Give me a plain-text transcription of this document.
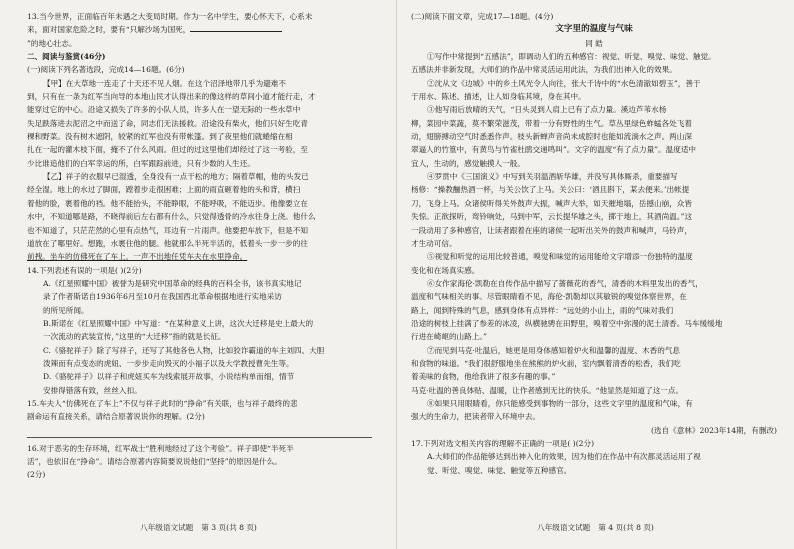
13.当今世界，正面临百年未遇之大变局时期。作为一名中学生，要心怀天下，心系未
来，面对国家危险之时，要有“只解沙场为国死，
”的地心壮志。
二、阅读与鉴赏(46分)
(一)阅读下列名著选段，完成14—16题。(6分)
【甲】在大草地一连走了十天还不见人烟。在这个沼泽地带几乎为避难不
到，只有在一条为红军当向导的本地山民才认得出来的像这样的草间小道才能行走，才
能穿过它的中心。沿途又损失了许多的小队人员，许多人在一望无际的一些水草中
失足跌落进去泥沼之中而送了命，同志们无法援救。沿途没有柴火，他们只好生吃青
稞和野菜。没有树木遮阴，较紧的红军也没有带帐篷。到了夜里他们就蜷缩在相
扎在一起的灌木枝下面，掩不了什么风雨。但过的过这里他们却经过了这一考验，至
少比谁追他们的白军幸运的所，白军跟踪前进，只有少数的人生还。
【乙】祥子的衣服早已湿透，全身没有一点干松的地方；隔着草帽，他的头发已
经全湿。地上的水过了脚面，蹚着步走很困难；上面的雨直砸着他的头和背，横扫
着他的脸，裹着他的裆。他不能抬头，不能睁眼，不能呼吸，不能迈步。他像要立在
水中，不知道哪是路，不晓得前后左右都有什么，只觉得透骨的冷水往身上浇。他什么
也不知道了，只茫茫然的心里有点热气，耳边有一片雨声。他要把车放下，但是不知
道放在了哪里好。想跑，水裹住他的腿。他就那么半死半活的，低着头一步一步的往
前拽。坐车的仿佛死在了车上，一声不出地任凭车夫在水里挣命。
14.下列表述有误的一项是( )(2分)
A.《红星照耀中国》被誉为是研究中国革命的经典的百科全书，该书真实地记
录了作者斯诺自1936年6月至10月在我国西北革命根据地进行实地采访
的所见所闻。
B.斯诺在《红星照耀中国》中写道：“在某种意义上讲，这次大迁移是史上最大的
一次流动的武装宣传，”这里的“大迁移”指的就是长征。
C.《骆驼祥子》除了写祥子，还写了其他各色人物，比如狡诈霸道的车主刘四、大胆
泼辣而有点变态的虎妞、一步步走向毁灭的小福子以及大学教授曹先生等。
D.《骆驼祥子》以祥子和虎妞买车为线索展开故事，小说结构单而细，情节
安排得错落有致，丝丝入扣。
15.车夫人“仿佛死在了车上”不仅与祥子此时的“挣命”有关联，也与祥子最终的悲
剧命运有直接关系，请结合原著说说你的理解。(2分)
16.对于恶劣的生存环境，红军战士“胜利地经过了这个考验”。祥子即使“半死半
活”，也依旧在“挣命”。请结合原著内容简要说说他们“坚持”的原因是什么。
(2分)
八年级语文试题 第 3 页(共 8 页)
(二)阅读下面文章，完成17—18题。(4分)
文字里的温度与气味
同 皓
①写作中常提到“五感法”，即调动人们的五种感官：视觉、听觉、嗅觉、味觉、触觉。
五感法并非新发现，大师们的作品中常灵活运用此法，为我们出神入化的效果。
②沈从文《边城》中的乡土风光令人向往，张大千诗中的“水色清澈如碧玉”，善于
于用水、陈述、描述，让人如身临其境，身在其中。
③他写雨后放晴的天气，“日头灵到人肩上已有了点力量。溪边芦苇水杨
柳，菜园中菜蔬，莫不繁荣滋茂，带着一分有野性的生气。草丛里绿色蚱蜢各处飞着
动，翅膀搏动空气时悉悉作声。枝头新蝉声音尚未成腔时也能如流淌水之声。两山深
翠逼人的竹篁中，有黄鸟与竹雀杜鹃交递鸣叫”。文字的温度“有了点力量”。温度适中
宜人，生动的，感觉触摸人一般。
④罗贯中《三国演义》中写到关羽温酒斩华雄，并没写具体厮杀，重要描写
杨修：“操教酾热酒一杯，与关公饮了上马。关公曰：‘酒且斟下，某去便来。’出帐提
刀，飞身上马。众诸侯听得关外鼓声大振，喊声大举，如天摧地塌，岳撼山崩，众皆
失惊。正欲探听，鸾铃响处，马到中军，云长提华雄之头，掷于地上，其酒尚温。”这
一段动用了多种感官，让读者跟着在座的诸侯一起听出关外的鼓声和喊声，马铃声，
才生动可信。
⑤视觉和听觉的运用比较普通，嗅觉和味觉的运用能给文字增添一份独特的温度
变化和在场真实感。
⑥女作家海伦·凯勒在自传作品中描写了蔷薇花的香气，清香的木料里发出的香气，
温度和气味相关的事。尽管眼睛看不见，海伦·凯勒却以其敏锐的嗅觉体察世界，在
路上，闻到特殊的气息，感到身体有点异样：“远处的小山上，雨的气味对我们
沿途的树枝上挂满了参差的冰凌，纵横驰骋在田野里，嗅着空中弥漫的泥土清香。马车缓缓地
行进在崎岖的山路上。”
⑦而见到马克·吐温后，她更是用身体感知着炉火和温馨的温度、木香的气息
和食物的味道。“我们很舒服地坐在熊熊的炉火前，室内飘着清香的松香，我们吃
着美味的食物，他给我讲了很多有趣的事。”
马克·吐温的善良体贴、温暖，让作者感到无比的快乐。“他显然是知道了这一点。
⑧如果只用眼睛看，你只能感受到事物的一部分，这些文字里的温度和气味，有
强大的生命力，把读者带入环境中去。
(选自《意林》2023年14期，有删改)
17.下列对选文相关内容的理解不正确的一项是( )(2分)
A.大师们的作品能够达到出神入化的效果，因为他们在作品中有次都灵活运用了视
觉、听觉、嗅觉、味觉、触觉等五种感官。
八年级语文试题 第 4 页(共 8 页)
